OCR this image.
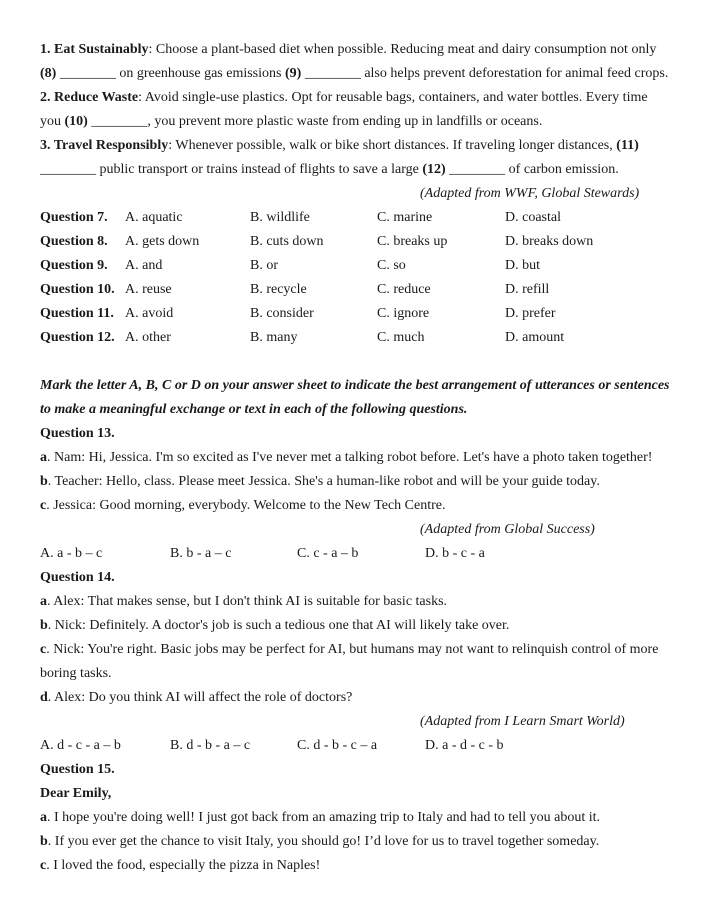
1. Eat Sustainably: Choose a plant-based diet when possible. Reducing meat and dairy consumption not only
(8) ________ on greenhouse gas emissions (9) ________ also helps prevent deforestation for animal feed crops.
2. Reduce Waste: Avoid single-use plastics. Opt for reusable bags, containers, and water bottles. Every time
you (10) ________, you prevent more plastic waste from ending up in landfills or oceans.
3. Travel Responsibly: Whenever possible, walk or bike short distances. If traveling longer distances, (11)
________ public transport or trains instead of flights to save a large (12) ________ of carbon emission.
(Adapted from WWF, Global Stewards)
Question 7.	A. aquatic	B. wildlife	C. marine	D. coastal
Question 8.	A. gets down	B. cuts down	C. breaks up	D. breaks down
Question 9.	A. and	B. or	C. so	D. but
Question 10. A. reuse	B. recycle	C. reduce	D. refill
Question 11. A. avoid	B. consider	C. ignore	D. prefer
Question 12. A. other	B. many	C. much	D. amount
Mark the letter A, B, C or D on your answer sheet to indicate the best arrangement of utterances or sentences
to make a meaningful exchange or text in each of the following questions.
Question 13.
a. Nam: Hi, Jessica. I'm so excited as I've never met a talking robot before. Let's have a photo taken together!
b. Teacher: Hello, class. Please meet Jessica. She's a human-like robot and will be your guide today.
c. Jessica: Good morning, everybody. Welcome to the New Tech Centre.
(Adapted from Global Success)
A. a - b – c	B. b - a – c	C. c - a – b	D. b - c - a
Question 14.
a. Alex: That makes sense, but I don't think AI is suitable for basic tasks.
b. Nick: Definitely. A doctor's job is such a tedious one that AI will likely take over.
c. Nick: You're right. Basic jobs may be perfect for AI, but humans may not want to relinquish control of more
boring tasks.
d. Alex: Do you think AI will affect the role of doctors?
(Adapted from I Learn Smart World)
A. d - c - a – b	B. d - b - a – c	C. d - b - c – a	D. a - d - c - b
Question 15.
Dear Emily,
a. I hope you're doing well! I just got back from an amazing trip to Italy and had to tell you about it.
b. If you ever get the chance to visit Italy, you should go! I’d love for us to travel together someday.
c. I loved the food, especially the pizza in Naples!
